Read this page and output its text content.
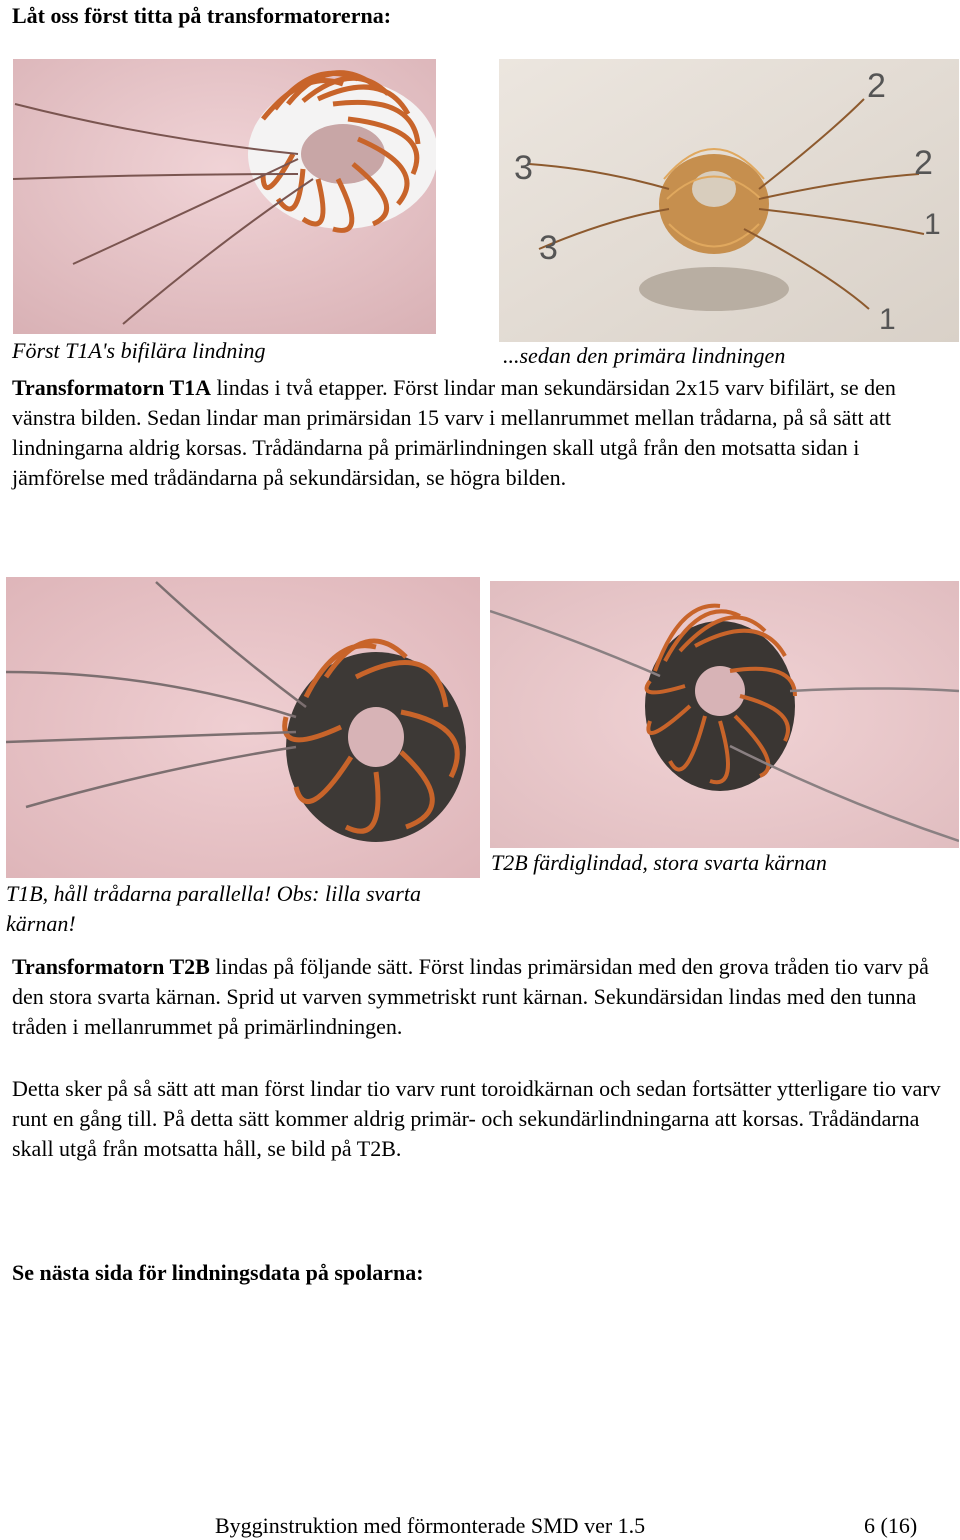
Låt oss först titta på transformatorerna:
3
3
2
2
1
1
Först T1A's bifilära lindning	...sedan den primära lindningen
Transformatorn T1A lindas i två etapper. Först lindar man sekundärsidan 2x15 varv bifilärt, se den vänstra bilden. Sedan lindar man primärsidan 15 varv i mellanrummet mellan trådarna, på så sätt att lindningarna aldrig korsas. Trådändarna på primärlindningen skall utgå från den motsatta sidan i jämförelse med trådändarna på sekundärsidan, se högra bilden.
T2B färdiglindad, stora svarta kärnan
T1B, håll trådarna parallella! Obs: lilla svarta kärnan!
Transformatorn T2B lindas på följande sätt. Först lindas primärsidan med den grova tråden tio varv på den stora svarta kärnan. Sprid ut varven symmetriskt runt kärnan. Sekundärsidan lindas med den tunna tråden i mellanrummet på primärlindningen.
Detta sker på så sätt att man först lindar tio varv runt toroidkärnan och sedan fortsätter ytterligare tio varv runt en gång till. På detta sätt kommer aldrig primär- och sekundärlindningarna att korsas. Trådändarna skall utgå från motsatta håll, se bild på T2B.
Se nästa sida för lindningsdata på spolarna:
Bygginstruktion med förmonterade SMD ver 1.5	6 (16)
